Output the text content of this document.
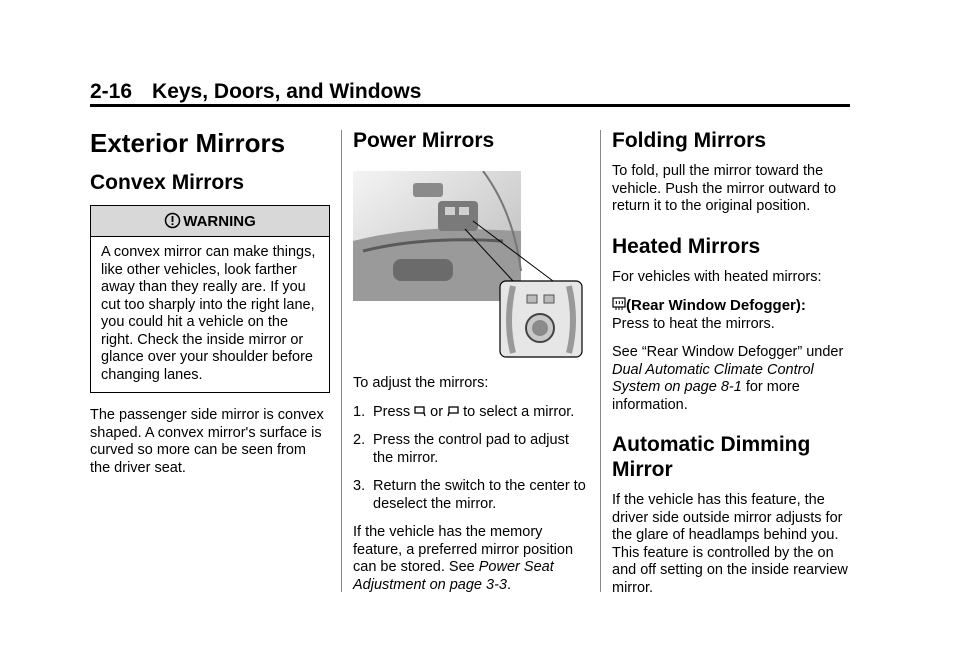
2-16 Keys, Doors, and Windows
Exterior Mirrors
Convex Mirrors
WARNING
A convex mirror can make things, like other vehicles, look farther away than they really are. If you cut too sharply into the right lane, you could hit a vehicle on the right. Check the inside mirror or glance over your shoulder before changing lanes.

The passenger side mirror is convex shaped. A convex mirror's surface is curved so more can be seen from the driver seat.

Power Mirrors

To adjust the mirrors:

1. Press or to select a mirror.
2. Press the control pad to adjust the mirror.
3. Return the switch to the center to deselect the mirror.

If the vehicle has the memory feature, a preferred mirror position can be stored. See Power Seat Adjustment on page 3-3.

Folding Mirrors

To fold, pull the mirror toward the vehicle. Push the mirror outward to return it to the original position.

Heated Mirrors

For vehicles with heated mirrors:

(Rear Window Defogger):
Press to heat the mirrors.

See “Rear Window Defogger” under Dual Automatic Climate Control System on page 8-1 for more information.

Automatic Dimming Mirror

If the vehicle has this feature, the driver side outside mirror adjusts for the glare of headlamps behind you. This feature is controlled by the on and off setting on the inside rearview mirror.
